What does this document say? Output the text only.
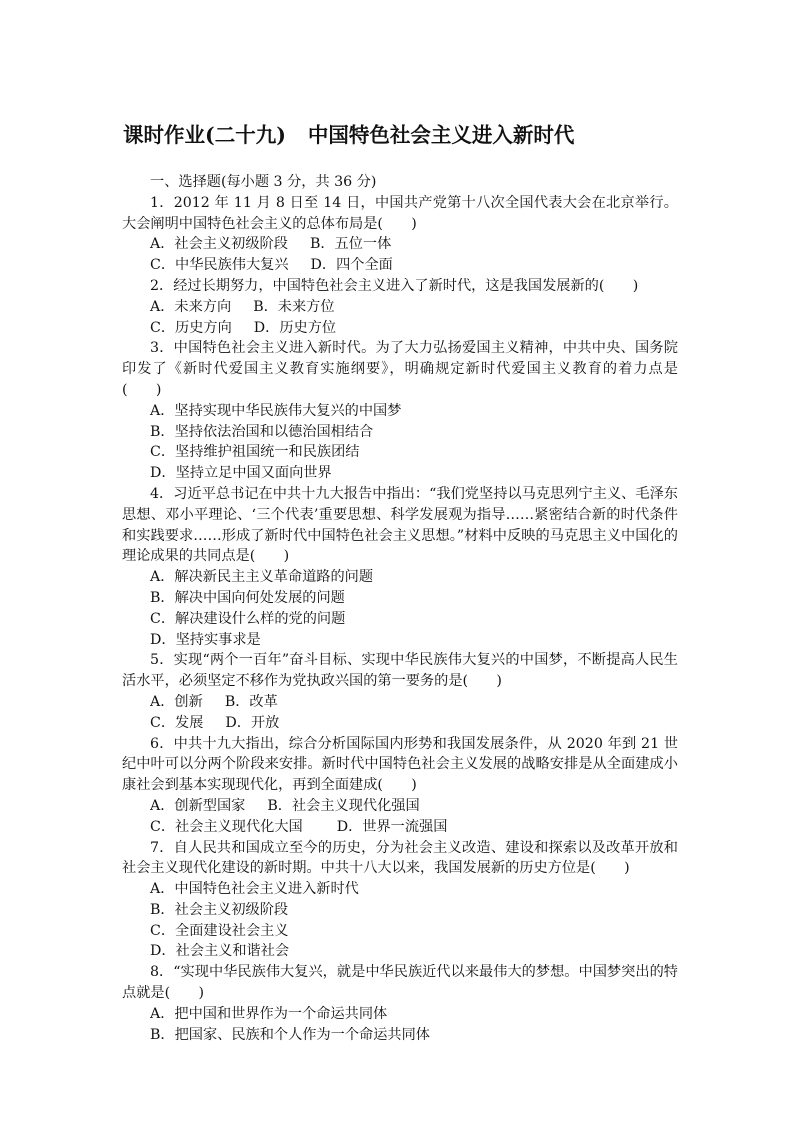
课时作业(二十九) 中国特色社会主义进入新时代
一、选择题(每小题 3 分，共 36 分)
1．2012 年 11 月 8 日至 14 日，中国共产党第十八次全国代表大会在北京举行。大会阐明中国特色社会主义的总体布局是(　　)
A．社会主义初级阶段 B．五位一体
C．中华民族伟大复兴 D．四个全面
2．经过长期努力，中国特色社会主义进入了新时代，这是我国发展新的(　　)
A．未来方向 B．未来方位
C．历史方向 D．历史方位
3．中国特色社会主义进入新时代。为了大力弘扬爱国主义精神，中共中央、国务院印发了《新时代爱国主义教育实施纲要》，明确规定新时代爱国主义教育的着力点是(　　)
A．坚持实现中华民族伟大复兴的中国梦
B．坚持依法治国和以德治国相结合
C．坚持维护祖国统一和民族团结
D．坚持立足中国又面向世界
4．习近平总书记在中共十九大报告中指出：“我们党坚持以马克思列宁主义、毛泽东思想、邓小平理论、‘三个代表’重要思想、科学发展观为指导……紧密结合新的时代条件和实践要求……形成了新时代中国特色社会主义思想。”材料中反映的马克思主义中国化的理论成果的共同点是(　　)
A．解决新民主主义革命道路的问题
B．解决中国向何处发展的问题
C．解决建设什么样的党的问题
D．坚持实事求是
5．实现“两个一百年”奋斗目标、实现中华民族伟大复兴的中国梦，不断提高人民生活水平，必须坚定不移作为党执政兴国的第一要务的是(　　)
A．创新 B．改革
C．发展 D．开放
6．中共十九大指出，综合分析国际国内形势和我国发展条件，从 2020 年到 21 世纪中叶可以分两个阶段来安排。新时代中国特色社会主义发展的战略安排是从全面建成小康社会到基本实现现代化，再到全面建成(　　)
A．创新型国家 B．社会主义现代化强国
C．社会主义现代化大国 D．世界一流强国
7．自人民共和国成立至今的历史，分为社会主义改造、建设和探索以及改革开放和社会主义现代化建设的新时期。中共十八大以来，我国发展新的历史方位是(　　)
A．中国特色社会主义进入新时代
B．社会主义初级阶段
C．全面建设社会主义
D．社会主义和谐社会
8．“实现中华民族伟大复兴，就是中华民族近代以来最伟大的梦想。中国梦突出的特点就是(　　)
A．把中国和世界作为一个命运共同体
B．把国家、民族和个人作为一个命运共同体
